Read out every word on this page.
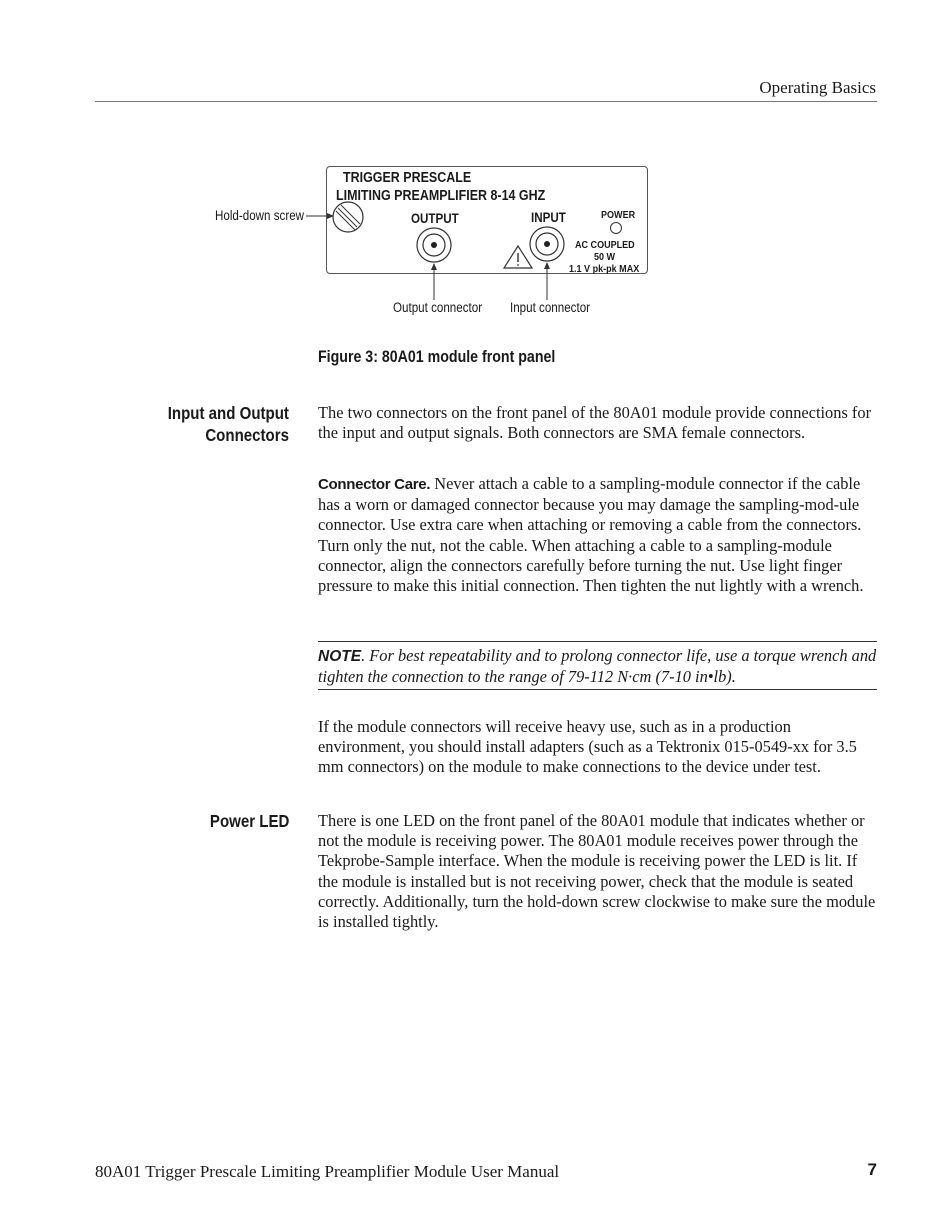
Operating Basics
TRIGGER PRESCALE
LIMITING PREAMPLIFIER 8-14 GHZ
OUTPUT	INPUT	POWER
AC COUPLED
50 W
1.1 V pk-pk MAX
Hold-down screw
Output connector Input connector
Figure 3: 80A01 module front panel
Input and Output
Connectors
The two connectors on the front panel of the 80A01 module provide connections for the input and output signals. Both connectors are SMA female connectors.
Connector Care. Never attach a cable to a sampling-module connector if the cable has a worn or damaged connector because you may damage the sampling-mod-ule connector. Use extra care when attaching or removing a cable from the connectors. Turn only the nut, not the cable. When attaching a cable to a sampling-module connector, align the connectors carefully before turning the nut. Use light finger pressure to make this initial connection. Then tighten the nut lightly with a wrench.
NOTE. For best repeatability and to prolong connector life, use a torque wrench and tighten the connection to the range of 79-112 N·cm (7-10 in•lb).
If the module connectors will receive heavy use, such as in a production environment, you should install adapters (such as a Tektronix 015-0549-xx for 3.5 mm connectors) on the module to make connections to the device under test.
Power LED There is one LED on the front panel of the 80A01 module that indicates whether or not the module is receiving power. The 80A01 module receives power through the Tekprobe-Sample interface. When the module is receiving power the LED is lit. If the module is installed but is not receiving power, check that the module is seated correctly. Additionally, turn the hold-down screw clockwise to make sure the module is installed tightly.
80A01 Trigger Prescale Limiting Preamplifier Module User Manual	7
